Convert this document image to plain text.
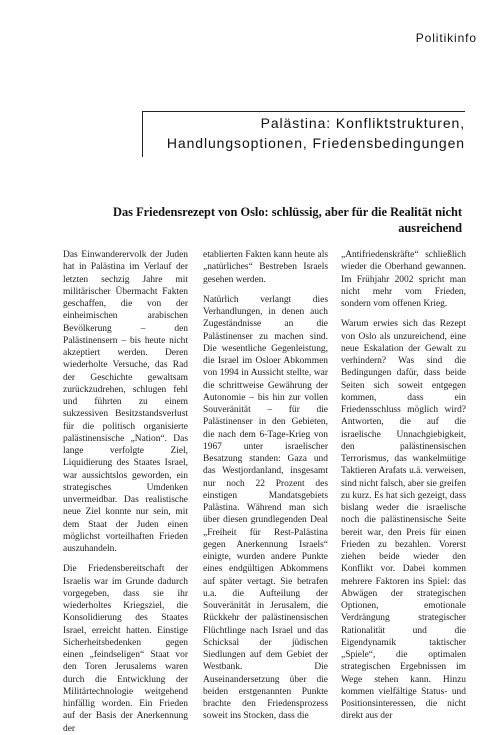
Politikinfo
Palästina: Konfliktstrukturen,
Handlungsoptionen, Friedensbedingungen
Das Friedensrezept von Oslo: schlüssig, aber für die Realität nicht ausreichend

Das Einwanderervolk der Juden hat in Palästina im Verlauf der letzten sechzig Jahre mit militärischer Übermacht Fakten geschaffen, die von der einheimischen arabischen Bevölkerung – den Palästinensern – bis heute nicht akzeptiert werden. Deren wiederholte Versuche, das Rad der Geschichte gewaltsam zurückzudrehen, schlugen fehl und führten zu einem sukzessiven Besitzstandsverlust für die politisch organisierte palästinensische „Nation“. Das lange verfolgte Ziel, Liquidierung des Staates Israel, war aussichtslos geworden, ein strategisches Umdenken unvermeidbar. Das realistische neue Ziel konnte nur sein, mit dem Staat der Juden einen möglichst vorteilhaften Frieden auszuhandeln.

Die Friedensbereitschaft der Israelis war im Grunde dadurch vorgegeben, dass sie ihr wiederholtes Kriegsziel, die Konsolidierung des Staates Israel, erreicht hatten. Einstige Sicherheitsbedenken gegen einen „feindseligen“ Staat vor den Toren Jerusalems waren durch die Entwicklung der Militärtechnologie weitgehend hinfällig worden. Ein Frieden auf der Basis der Anerkennung der

etablierten Fakten kann heute als „natürliches“ Bestreben Israels gesehen werden.

Natürlich verlangt dies Verhandlungen, in denen auch Zugeständnisse an die Palästinenser zu machen sind. Die wesentliche Gegenleistung, die Israel im Osloer Abkommen von 1994 in Aussicht stellte, war die schrittweise Gewährung der Autonomie – bis hin zur vollen Souveränität – für die Palästinenser in den Gebieten, die nach dem 6-Tage-Krieg von 1967 unter israelischer Besatzung standen: Gaza und das Westjordanland, insgesamt nur noch 22 Prozent des einstigen Mandatsgebiets Palästina. Während man sich über diesen grundlegenden Deal „Freiheit für Rest-Palästina gegen Anerkennung Israels“ einigte, wurden andere Punkte eines endgültigen Abkommens auf später vertagt. Sie betrafen u.a. die Aufteilung der Souveränität in Jerusalem, die Rückkehr der palästinensischen Flüchtlinge nach Israel und das Schicksal der jüdischen Siedlungen auf dem Gebiet der Westbank. Die Auseinandersetzung über die beiden erstgenannten Punkte brachte den Friedensprozess soweit ins Stocken, dass die

„Antifriedenskräfte“ schließlich wieder die Oberhand gewannen. Im Frühjahr 2002 spricht man nicht mehr vom Frieden, sondern vom offenen Krieg.

Warum erwies sich das Rezept von Oslo als unzureichend, eine neue Eskalation der Gewalt zu verhindern? Was sind die Bedingungen dafür, dass beide Seiten sich soweit entgegen kommen, dass ein Friedensschluss möglich wird? Antworten, die auf die israelische Unnachgiebigkeit, den palästinensischen Terrorismus, das wankelmütige Taktieren Arafats u.ä. verweisen, sind nicht falsch, aber sie greifen zu kurz. Es hat sich gezeigt, dass bislang weder die israelische noch die palästinensische Seite bereit war, den Preis für einen Frieden zu bezahlen. Vorerst ziehen beide wieder den Konflikt vor. Dabei kommen mehrere Faktoren ins Spiel: das Abwägen der strategischen Optionen, emotionale Verdrängung strategischer Rationalität und die Eigendynamik taktischer „Spiele“, die optimalen strategischen Ergebnissen im Wege stehen kann. Hinzu kommen vielfältige Status- und Positionsinteressen, die nicht direkt aus der
